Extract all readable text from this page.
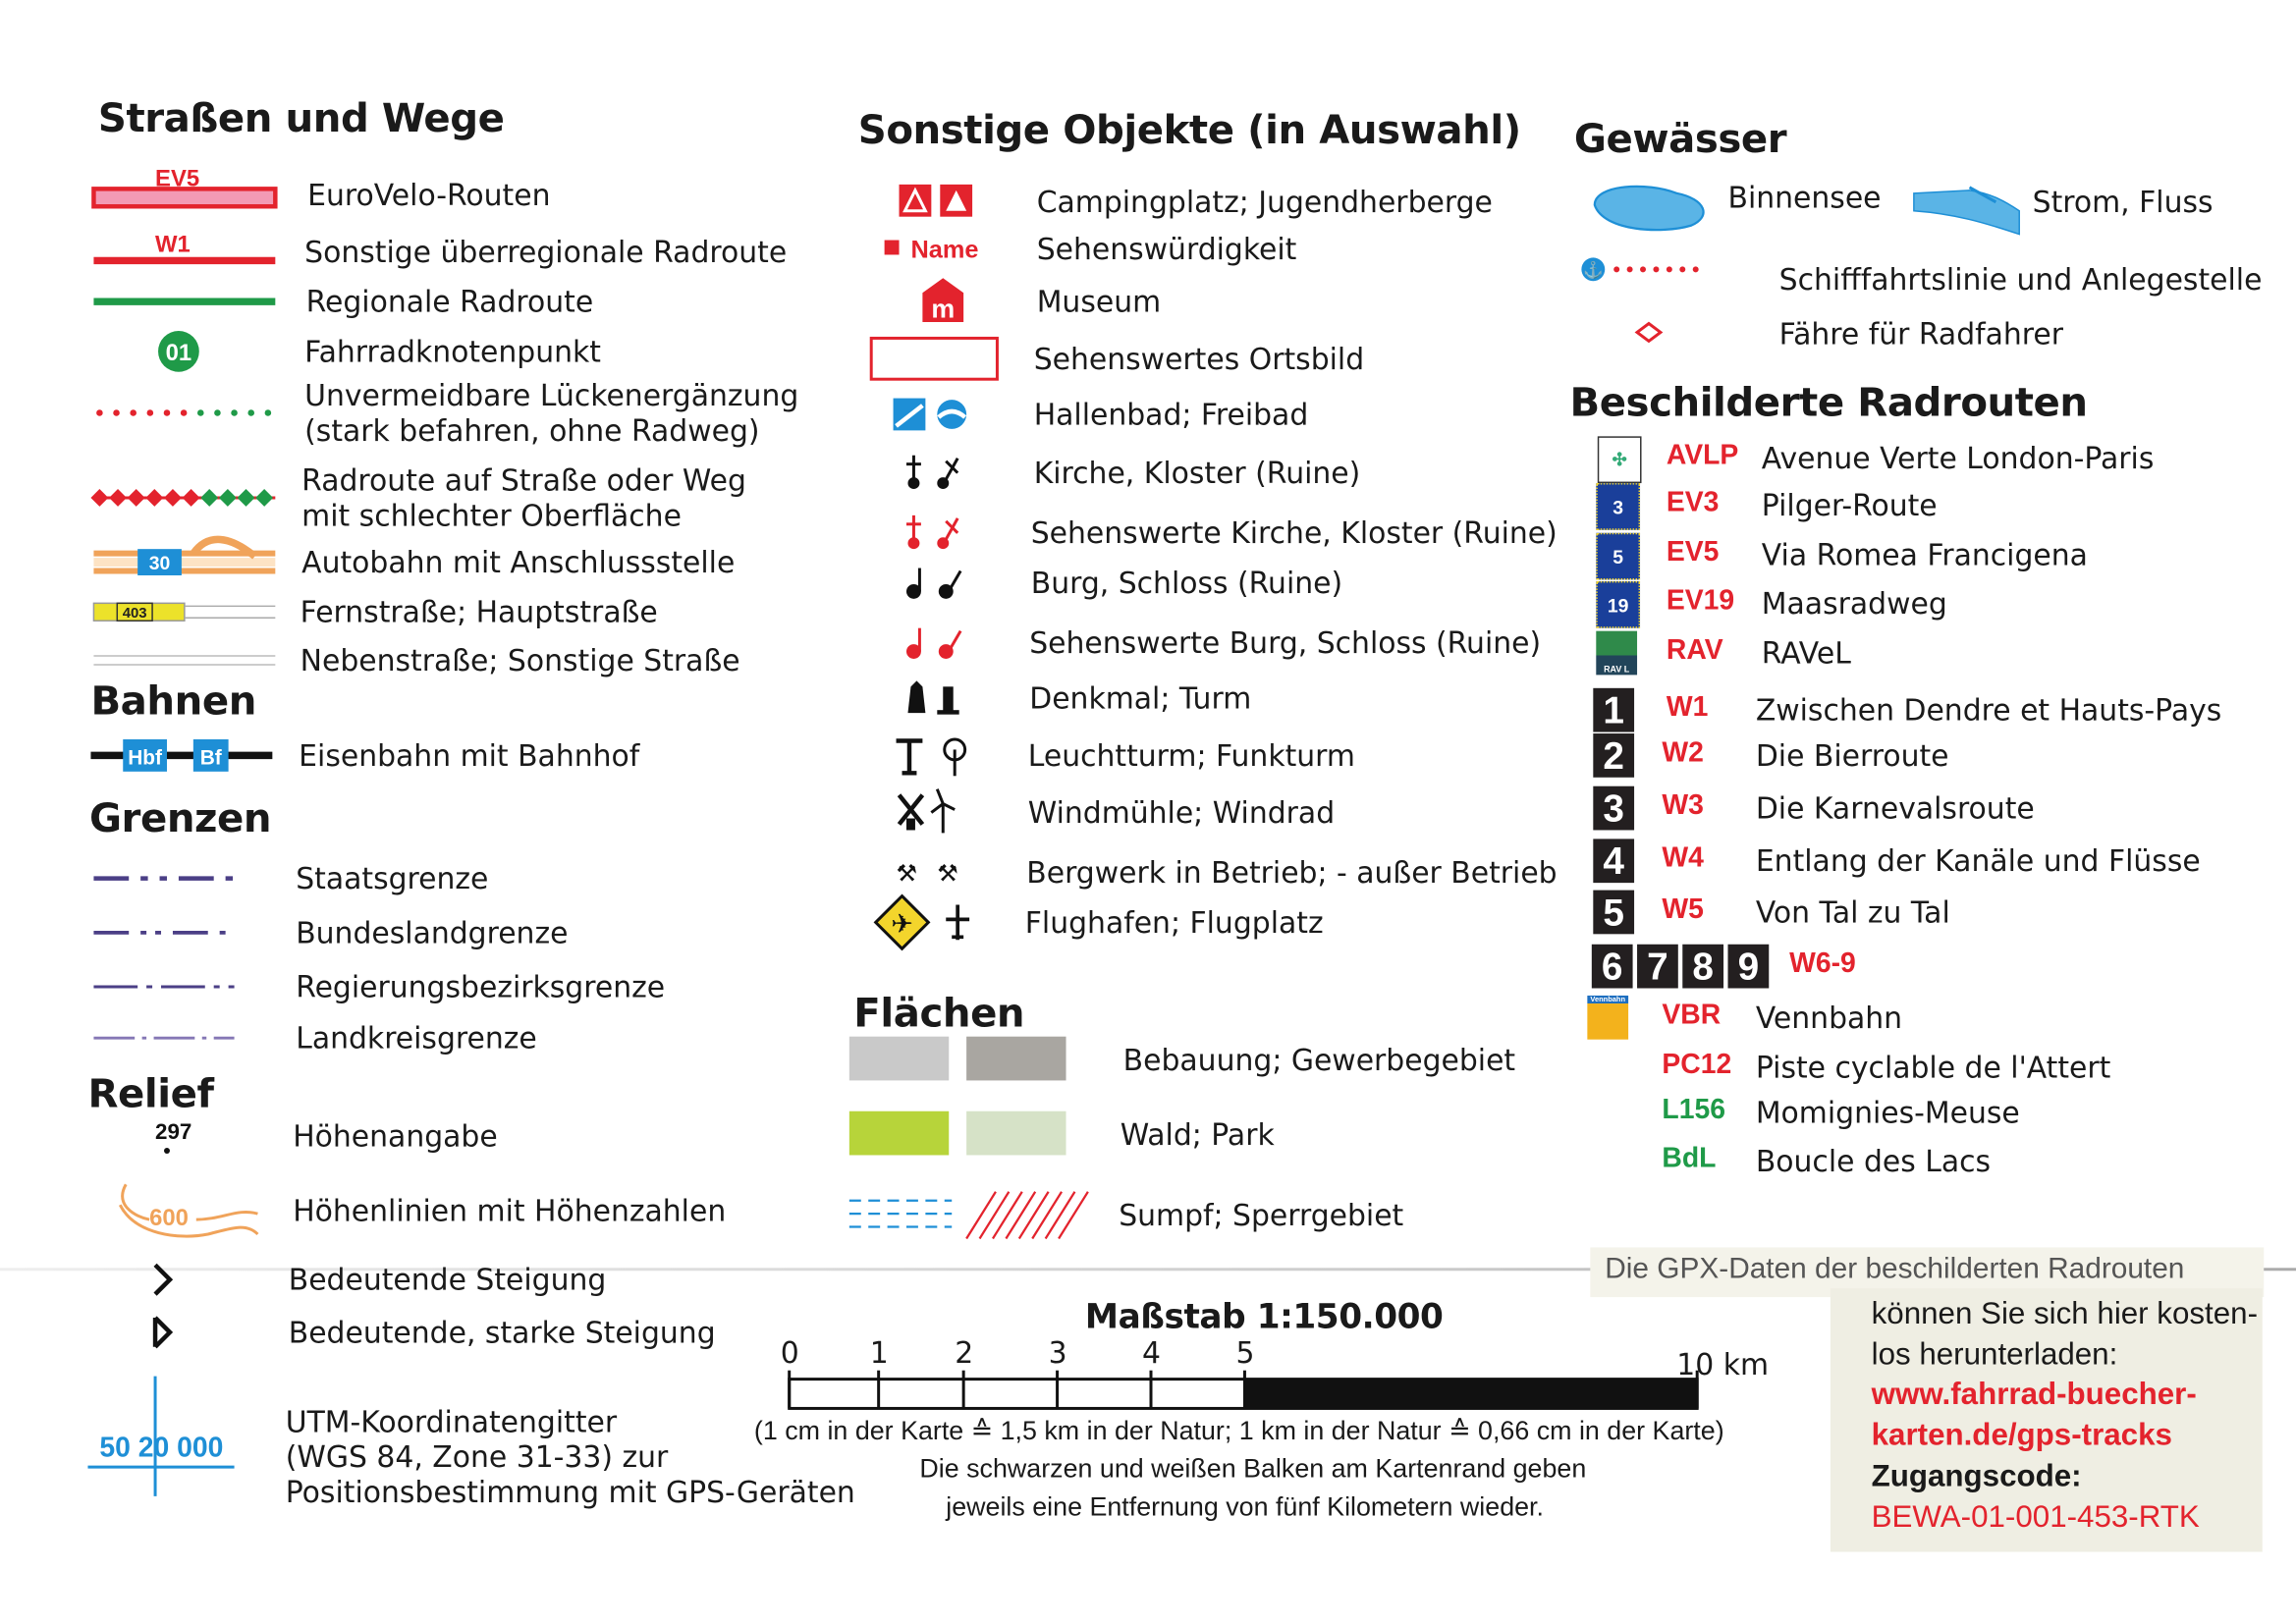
Straßen und Wege
Bahnen
Grenzen
Relief
Sonstige Objekte (in Auswahl)
Flächen
Gewässer
Beschilderte Radrouten
EuroVelo-Routen
EV5
Sonstige überregionale Radroute
W1
Regionale Radroute
Fahrradknotenpunkt
01
Unvermeidbare Lückenergänzung
(stark befahren, ohne Radweg)
Radroute auf Straße oder Weg
mit schlechter Oberfläche
Autobahn mit Anschlussstelle
30
Fernstraße; Hauptstraße
403
Nebenstraße; Sonstige Straße
Eisenbahn mit Bahnhof
Hbf	Bf
Staatsgrenze
Bundeslandgrenze
Regierungsbezirksgrenze
Landkreisgrenze
Höhenangabe
297
Höhenlinien mit Höhenzahlen
600
Bedeutende Steigung
Bedeutende, starke Steigung
UTM-Koordinatengitter
(WGS 84, Zone 31-33) zur
Positionsbestimmung mit GPS-Geräten
50 20 000
Campingplatz; Jugendherberge
Sehenswürdigkeit
Name
Museum
m
Sehenswertes Ortsbild
Hallenbad; Freibad
Kirche, Kloster (Ruine)
Sehenswerte Kirche, Kloster (Ruine)
Burg, Schloss (Ruine)
Sehenswerte Burg, Schloss (Ruine)
Denkmal; Turm
Leuchtturm; Funkturm
Windmühle; Windrad
Bergwerk in Betrieb; - außer Betrieb
⚒ ⚒
Flughafen; Flugplatz
✈
Bebauung; Gewerbegebiet
Wald; Park
Sumpf; Sperrgebiet
AVLP Avenue Verte London-Paris
✣
EV3 Pilger-Route
3
EV5 Via Romea Francigena
5
EV19 Maasradweg
19
RAV RAVeL
RAV L
W1 Zwischen Dendre et Hauts-Pays
1
W2	Die Bierroute
2
W3	Die Karnevalsroute
3
W4	Entlang der Kanäle und Flüsse
4
W5	Von Tal zu Tal
5
W6-9
6 7 8 9
VBR Vennbahn
Vennbahn
PC12 Piste cyclable de l'Attert
L156 Momignies-Meuse
BdL Boucle des Lacs
Binnensee	Strom, Fluss
⚓	Schifffahrtslinie und Anlegestelle
Fähre für Radfahrer
Maßstab 1:150.000
0	1	2	3	4	5	10 km
(1 cm in der Karte ≙ 1,5 km in der Natur; 1 km in der Natur ≙ 0,66 cm in der Karte)
Die schwarzen und weißen Balken am Kartenrand geben
jeweils eine Entfernung von fünf Kilometern wieder.
Die GPX-Daten der beschilderten Radrouten
können Sie sich hier kosten-
los herunterladen:
www.fahrrad-buecher-
karten.de/gps-tracks
Zugangscode:
BEWA-01-001-453-RTK
